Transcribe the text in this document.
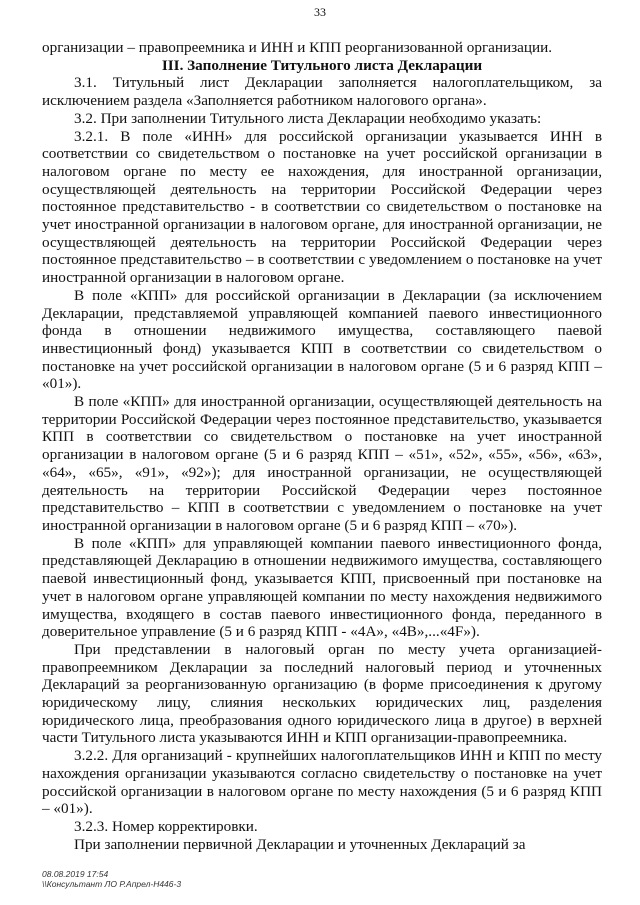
33

организации – правопреемника и ИНН и КПП реорганизованной организации.

III. Заполнение Титульного листа Декларации

3.1. Титульный лист Декларации заполняется налогоплательщиком, за исключением раздела «Заполняется работником налогового органа».

3.2. При заполнении Титульного листа Декларации необходимо указать:

3.2.1. В поле «ИНН» для российской организации указывается ИНН в соответствии со свидетельством о постановке на учет российской организации в налоговом органе по месту ее нахождения, для иностранной организации, осуществляющей деятельность на территории Российской Федерации через постоянное представительство - в соответствии со свидетельством о постановке на учет иностранной организации в налоговом органе, для иностранной организации, не осуществляющей деятельность на территории Российской Федерации через постоянное представительство – в соответствии с уведомлением о постановке на учет иностранной организации в налоговом органе.

В поле «КПП» для российской организации в Декларации (за исключением Декларации, представляемой управляющей компанией паевого инвестиционного фонда в отношении недвижимого имущества, составляющего паевой инвестиционный фонд) указывается КПП в соответствии со свидетельством о постановке на учет российской организации в налоговом органе (5 и 6 разряд КПП – «01»).

В поле «КПП» для иностранной организации, осуществляющей деятельность на территории Российской Федерации через постоянное представительство, указывается КПП в соответствии со свидетельством о постановке на учет иностранной организации в налоговом органе (5 и 6 разряд КПП – «51», «52», «55», «56», «63», «64», «65», «91», «92»); для иностранной организации, не осуществляющей деятельность на территории Российской Федерации через постоянное представительство – КПП в соответствии с уведомлением о постановке на учет иностранной организации в налоговом органе (5 и 6 разряд КПП – «70»).

В поле «КПП» для управляющей компании паевого инвестиционного фонда, представляющей Декларацию в отношении недвижимого имущества, составляющего паевой инвестиционный фонд, указывается КПП, присвоенный при постановке на учет в налоговом органе управляющей компании по месту нахождения недвижимого имущества, входящего в состав паевого инвестиционного фонда, переданного в доверительное управление (5 и 6 разряд КПП - «4А», «4В»,...«4F»).

При представлении в налоговый орган по месту учета организацией-правопреемником Декларации за последний налоговый период и уточненных Деклараций за реорганизованную организацию (в форме присоединения к другому юридическому лицу, слияния нескольких юридических лиц, разделения юридического лица, преобразования одного юридического лица в другое) в верхней части Титульного листа указываются ИНН и КПП организации-правопреемника.

3.2.2. Для организаций - крупнейших налогоплательщиков ИНН и КПП по месту нахождения организации указываются согласно свидетельству о постановке на учет российской организации в налоговом органе по месту нахождения (5 и 6 разряд КПП – «01»).

3.2.3. Номер корректировки.

При заполнении первичной Декларации и уточненных Деклараций за

08.08.2019 17:54
\\Консультант ЛО Р.Апрел-Н446-3
